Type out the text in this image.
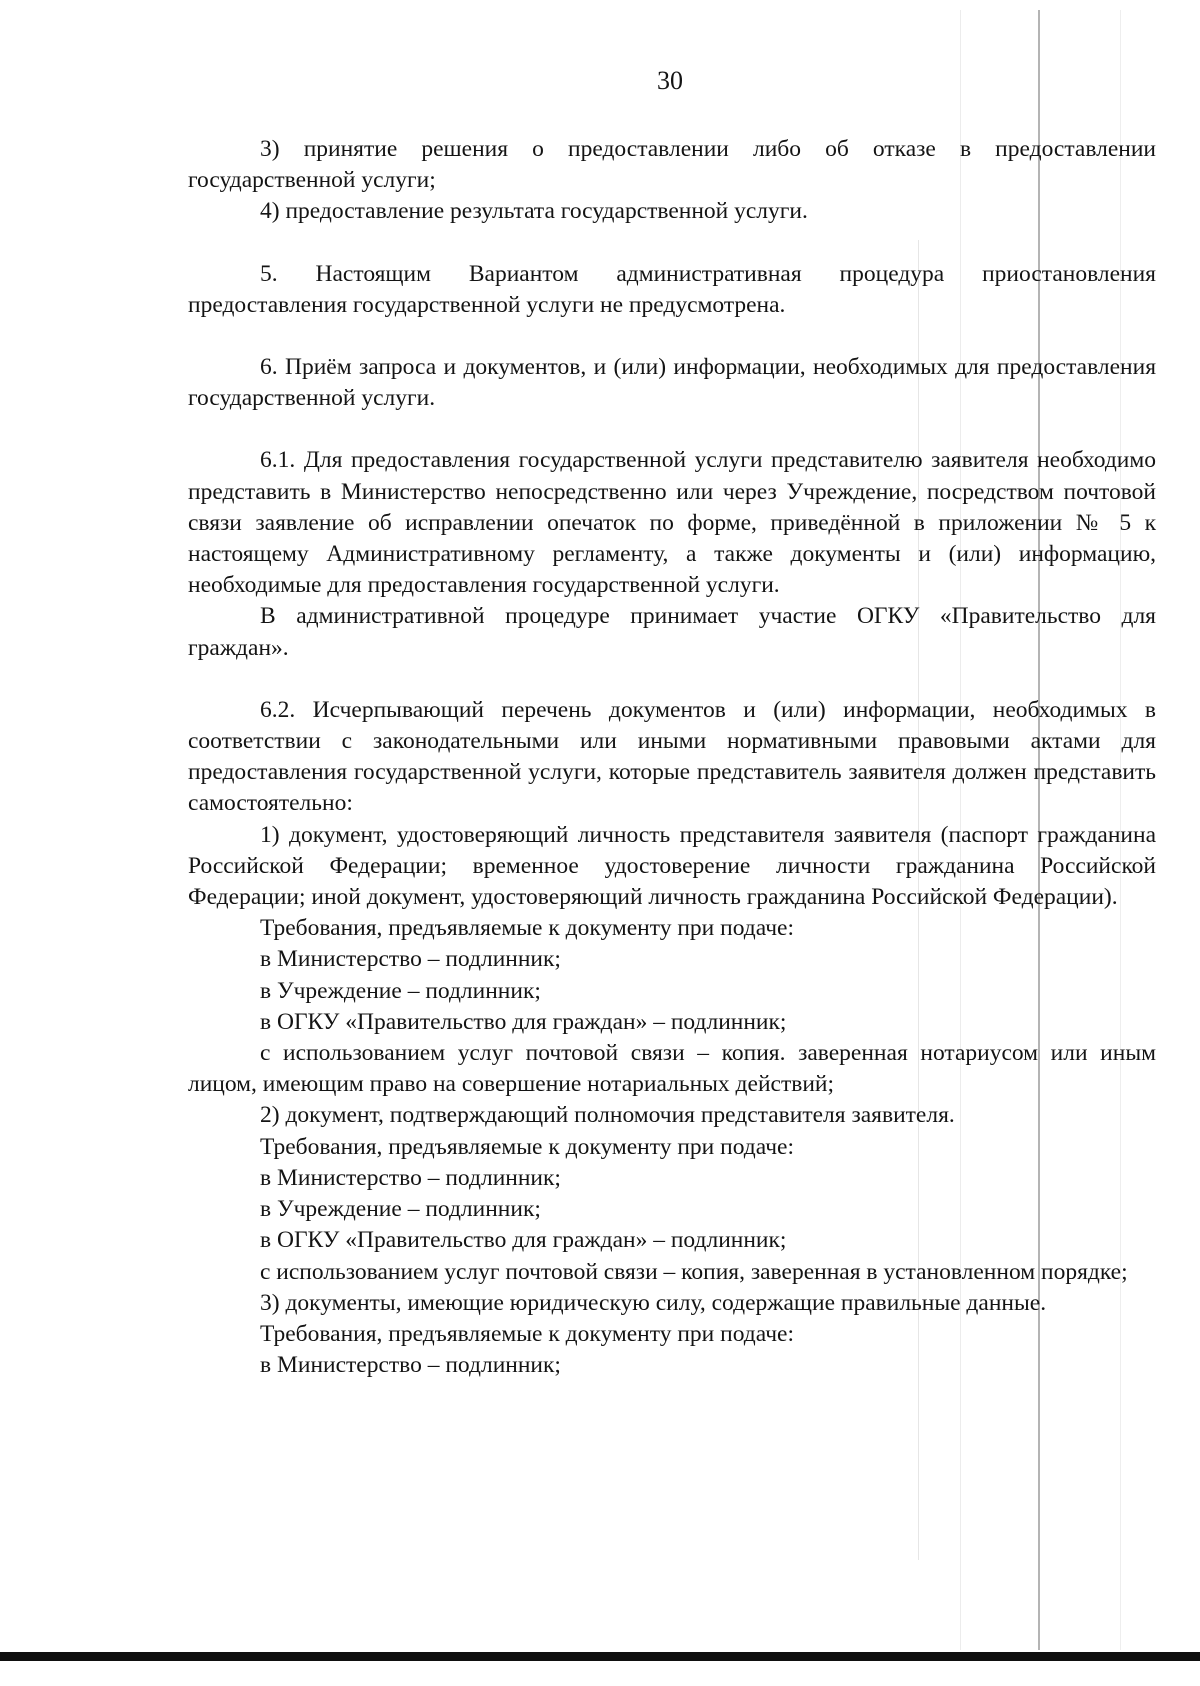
30

3) принятие решения о предоставлении либо об отказе в предоставлении государственной услуги;

4) предоставление результата государственной услуги.

5. Настоящим Вариантом административная процедура приостановления предоставления государственной услуги не предусмотрена.

6. Приём запроса и документов, и (или) информации, необходимых для предоставления государственной услуги.

6.1. Для предоставления государственной услуги представителю заявителя необходимо представить в Министерство непосредственно или через Учреждение, посредством почтовой связи заявление об исправлении опечаток по форме, приведённой в приложении № 5 к настоящему Административному регламенту, а также документы и (или) информацию, необходимые для предоставления государственной услуги.

В административной процедуре принимает участие ОГКУ «Правительство для граждан».

6.2. Исчерпывающий перечень документов и (или) информации, необходимых в соответствии с законодательными или иными нормативными правовыми актами для предоставления государственной услуги, которые представитель заявителя должен представить самостоятельно:

1) документ, удостоверяющий личность представителя заявителя (паспорт гражданина Российской Федерации; временное удостоверение личности гражданина Российской Федерации; иной документ, удостоверяющий личность гражданина Российской Федерации).

Требования, предъявляемые к документу при подаче:

в Министерство – подлинник;

в Учреждение – подлинник;

в ОГКУ «Правительство для граждан» – подлинник;

с использованием услуг почтовой связи – копия. заверенная нотариусом или иным лицом, имеющим право на совершение нотариальных действий;

2) документ, подтверждающий полномочия представителя заявителя.

Требования, предъявляемые к документу при подаче:

в Министерство – подлинник;

в Учреждение – подлинник;

в ОГКУ «Правительство для граждан» – подлинник;

с использованием услуг почтовой связи – копия, заверенная в установленном порядке;

3) документы, имеющие юридическую силу, содержащие правильные данные.

Требования, предъявляемые к документу при подаче:

в Министерство – подлинник;
